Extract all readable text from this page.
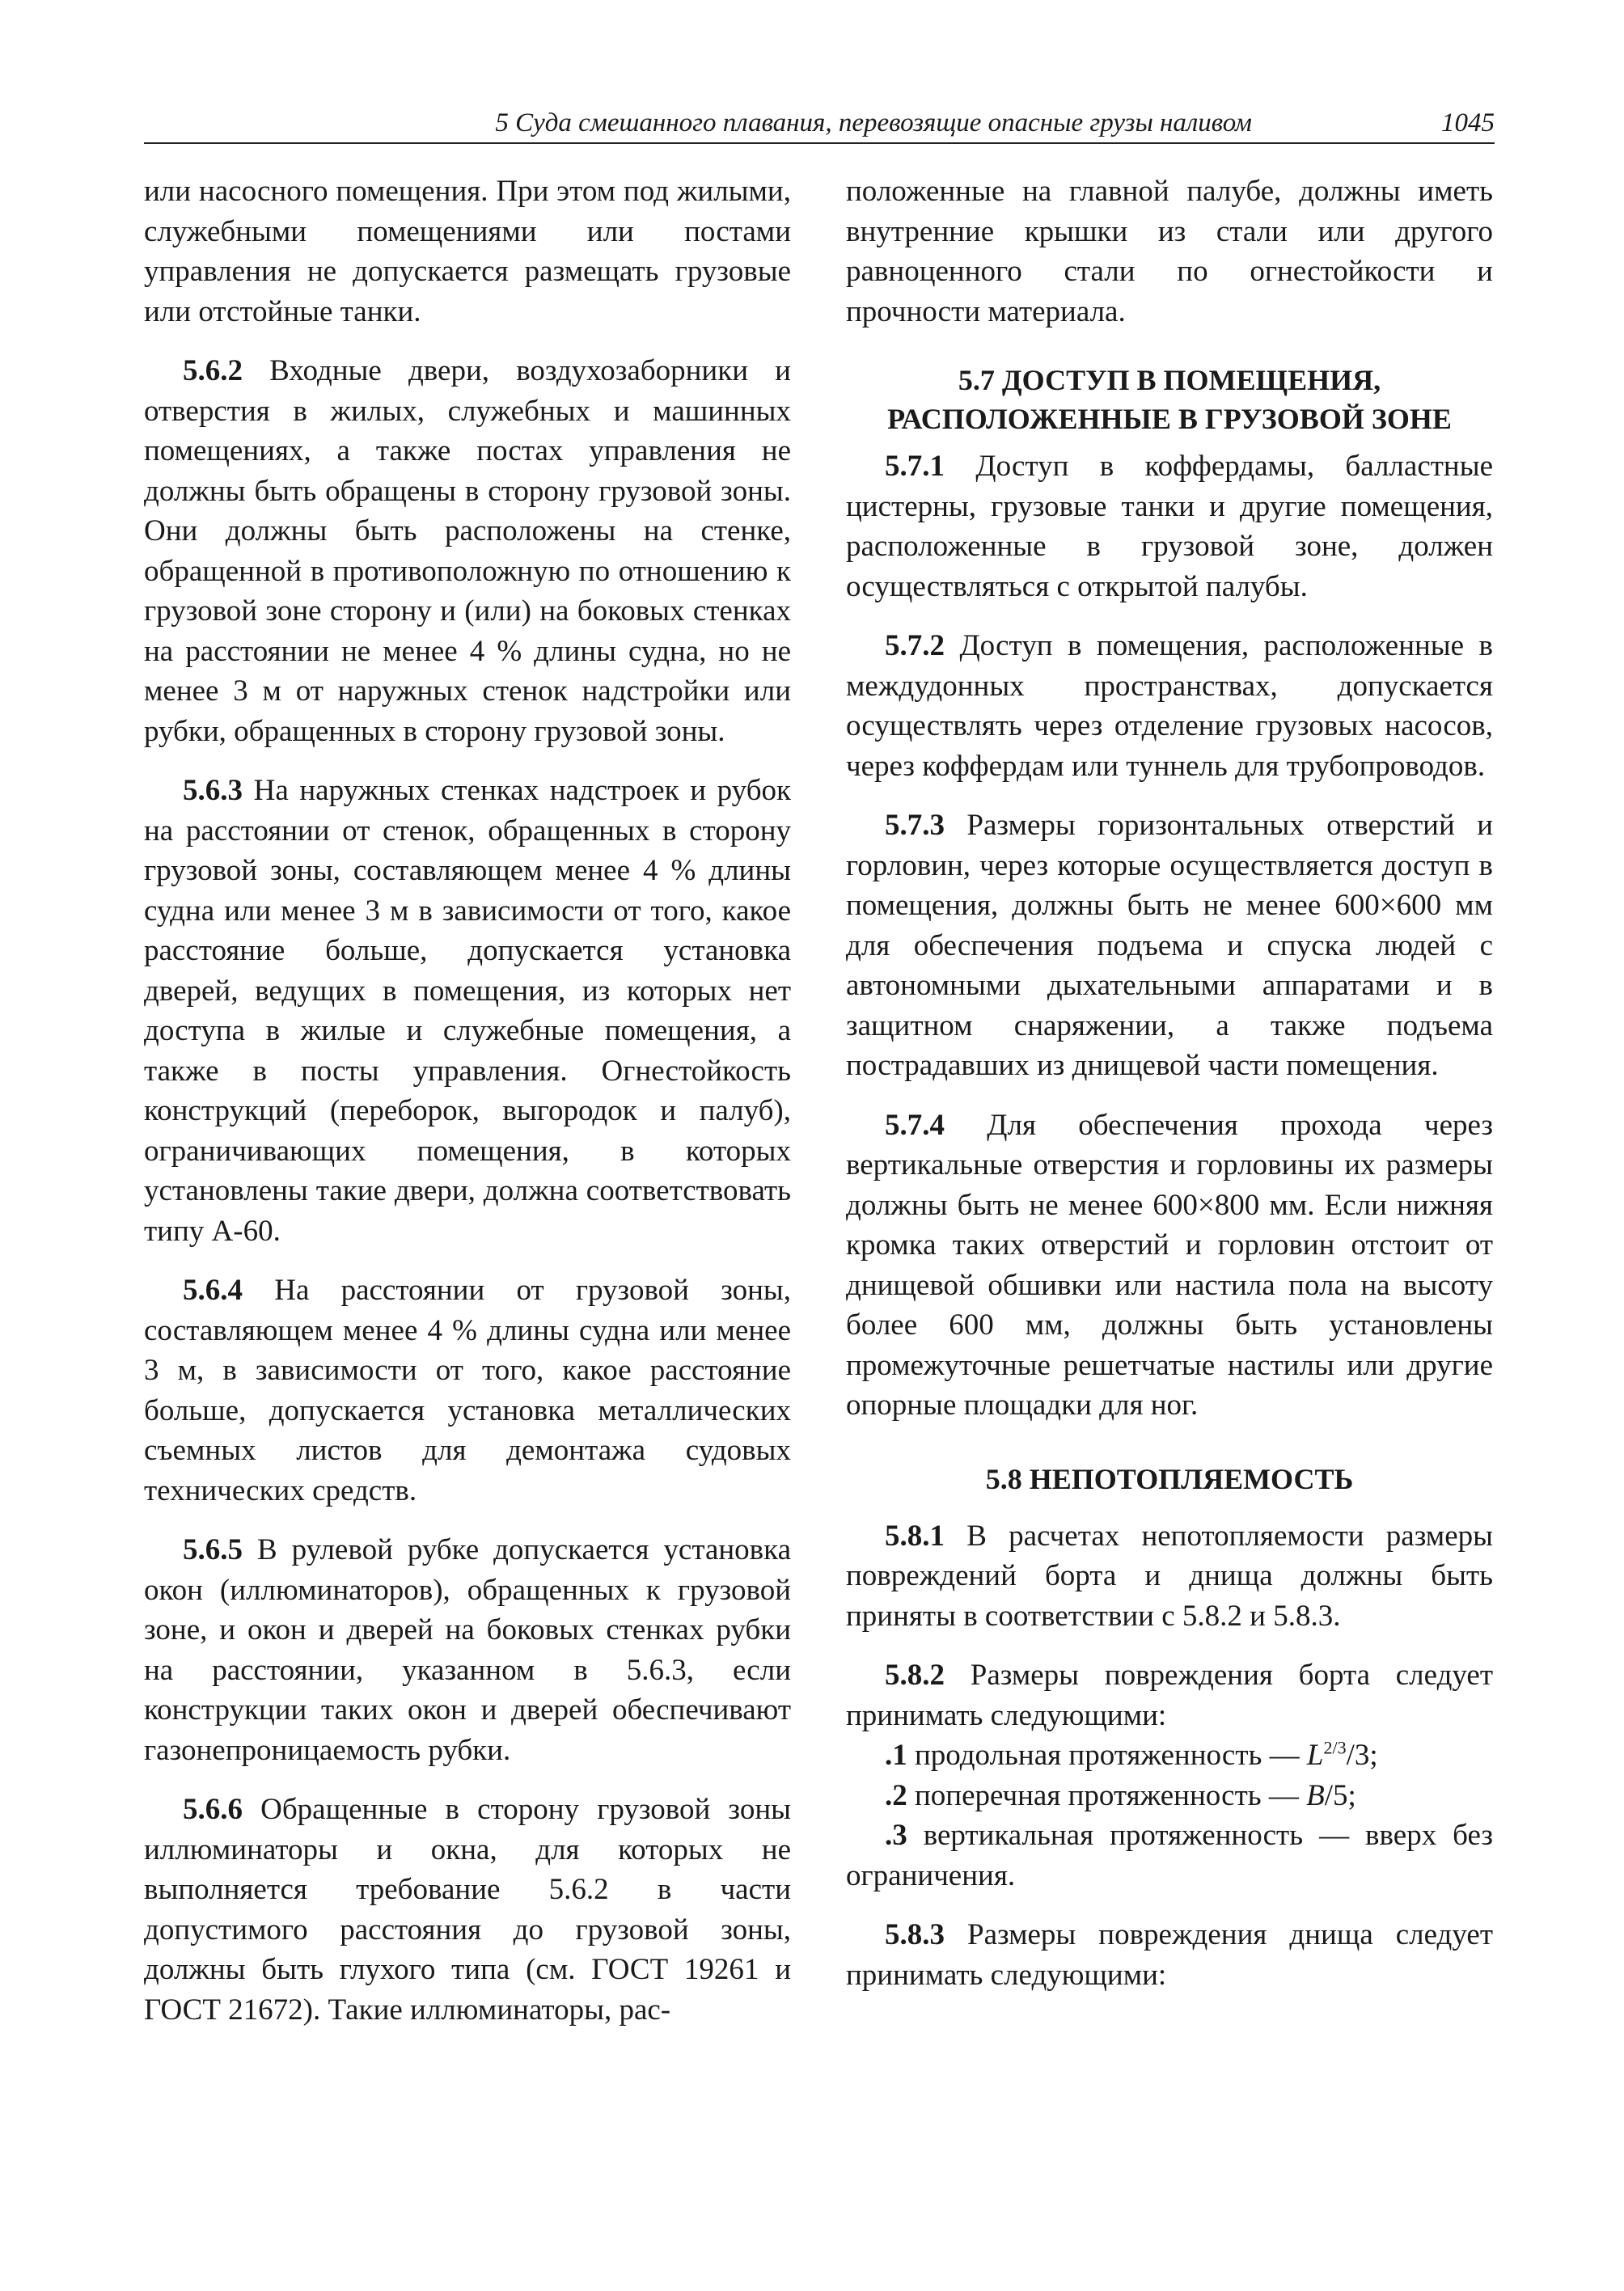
5 Суда смешанного плавания, перевозящие опасные грузы наливом	1045

или насосного помещения. При этом под жилыми, служебными помещениями или постами управления не допускается размещать грузовые или отстойные танки.

5.6.2 Входные двери, воздухозаборники и отверстия в жилых, служебных и машинных помещениях, а также постах управления не должны быть обращены в сторону грузовой зоны. Они должны быть расположены на стенке, обращенной в противоположную по отношению к грузовой зоне сторону и (или) на боковых стенках на расстоянии не менее 4 % длины судна, но не менее 3 м от наружных стенок надстройки или рубки, обращенных в сторону грузовой зоны.

5.6.3 На наружных стенках надстроек и рубок на расстоянии от стенок, обращенных в сторону грузовой зоны, составляющем менее 4 % длины судна или менее 3 м в зависимости от того, какое расстояние больше, допускается установка дверей, ведущих в помещения, из которых нет доступа в жилые и служебные помещения, а также в посты управления. Огнестойкость конструкций (переборок, выгородок и палуб), ограничивающих помещения, в которых установлены такие двери, должна соответствовать типу А-60.

5.6.4 На расстоянии от грузовой зоны, составляющем менее 4 % длины судна или менее 3 м, в зависимости от того, какое расстояние больше, допускается установка металлических съемных листов для демонтажа судовых технических средств.

5.6.5 В рулевой рубке допускается установка окон (иллюминаторов), обращенных к грузовой зоне, и окон и дверей на боковых стенках рубки на расстоянии, указанном в 5.6.3, если конструкции таких окон и дверей обеспечивают газонепроницаемость рубки.

5.6.6 Обращенные в сторону грузовой зоны иллюминаторы и окна, для которых не выполняется требование 5.6.2 в части допустимого расстояния до грузовой зоны, должны быть глухого типа (см. ГОСТ 19261 и ГОСТ 21672). Такие иллюминаторы, рас-

положенные на главной палубе, должны иметь внутренние крышки из стали или другого равноценного стали по огнестойкости и прочности материала.

5.7 ДОСТУП В ПОМЕЩЕНИЯ,
РАСПОЛОЖЕННЫЕ В ГРУЗОВОЙ ЗОНЕ

5.7.1 Доступ в коффердамы, балластные цистерны, грузовые танки и другие помещения, расположенные в грузовой зоне, должен осуществляться с открытой палубы.

5.7.2 Доступ в помещения, расположенные в междудонных пространствах, допускается осуществлять через отделение грузовых насосов, через коффердам или туннель для трубопроводов.

5.7.3 Размеры горизонтальных отверстий и горловин, через которые осуществляется доступ в помещения, должны быть не менее 600×600 мм для обеспечения подъема и спуска людей с автономными дыхательными аппаратами и в защитном снаряжении, а также подъема пострадавших из днищевой части помещения.

5.7.4 Для обеспечения прохода через вертикальные отверстия и горловины их размеры должны быть не менее 600×800 мм. Если нижняя кромка таких отверстий и горловин отстоит от днищевой обшивки или настила пола на высоту более 600 мм, должны быть установлены промежуточные решетчатые настилы или другие опорные площадки для ног.

5.8 НЕПОТОПЛЯЕМОСТЬ

5.8.1 В расчетах непотопляемости размеры повреждений борта и днища должны быть приняты в соответствии с 5.8.2 и 5.8.3.

5.8.2 Размеры повреждения борта следует принимать следующими:

.1 продольная протяженность — $L^{2/3}/3$;
.2 поперечная протяженность — B/5;
.3 вертикальная протяженность — вверх без ограничения.

5.8.3 Размеры повреждения днища следует принимать следующими:
